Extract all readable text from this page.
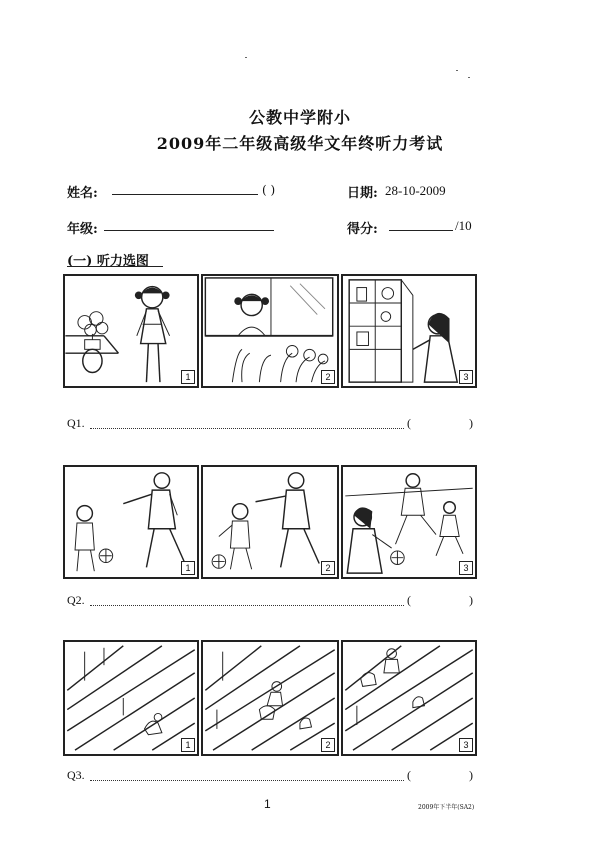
公教中学附小
2009年二年级高级华文年终听力考试
姓名:	( )	日期: 28-10-2009
年级:	得分:	/10
(一) 听力选图
1	2	3
Q1.	(	)
1	2	3
Q2.	(	)
1	2	3
Q3.	(	)
1	2009年下半年(SA2)
